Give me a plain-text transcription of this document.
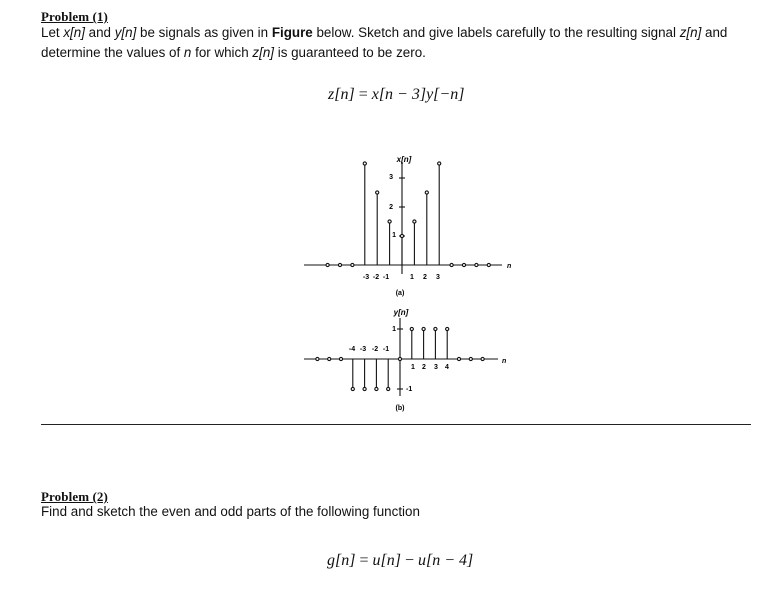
Problem (1)
Let x[n] and y[n] be signals as given in Figure below. Sketch and give labels carefully to the resulting signal z[n] and determine the values of n for which z[n] is guaranteed to be zero.
z[n] = x[n − 3]y[−n]
x[n]
n
(a)
3
2
1
-3 -2 -1	1 2 3
y[n]
n
(b)
1
-1
-4 -3 -2 -1
1 2 3 4
Problem (2)
Find and sketch the even and odd parts of the following function
g[n] = u[n] − u[n − 4]
